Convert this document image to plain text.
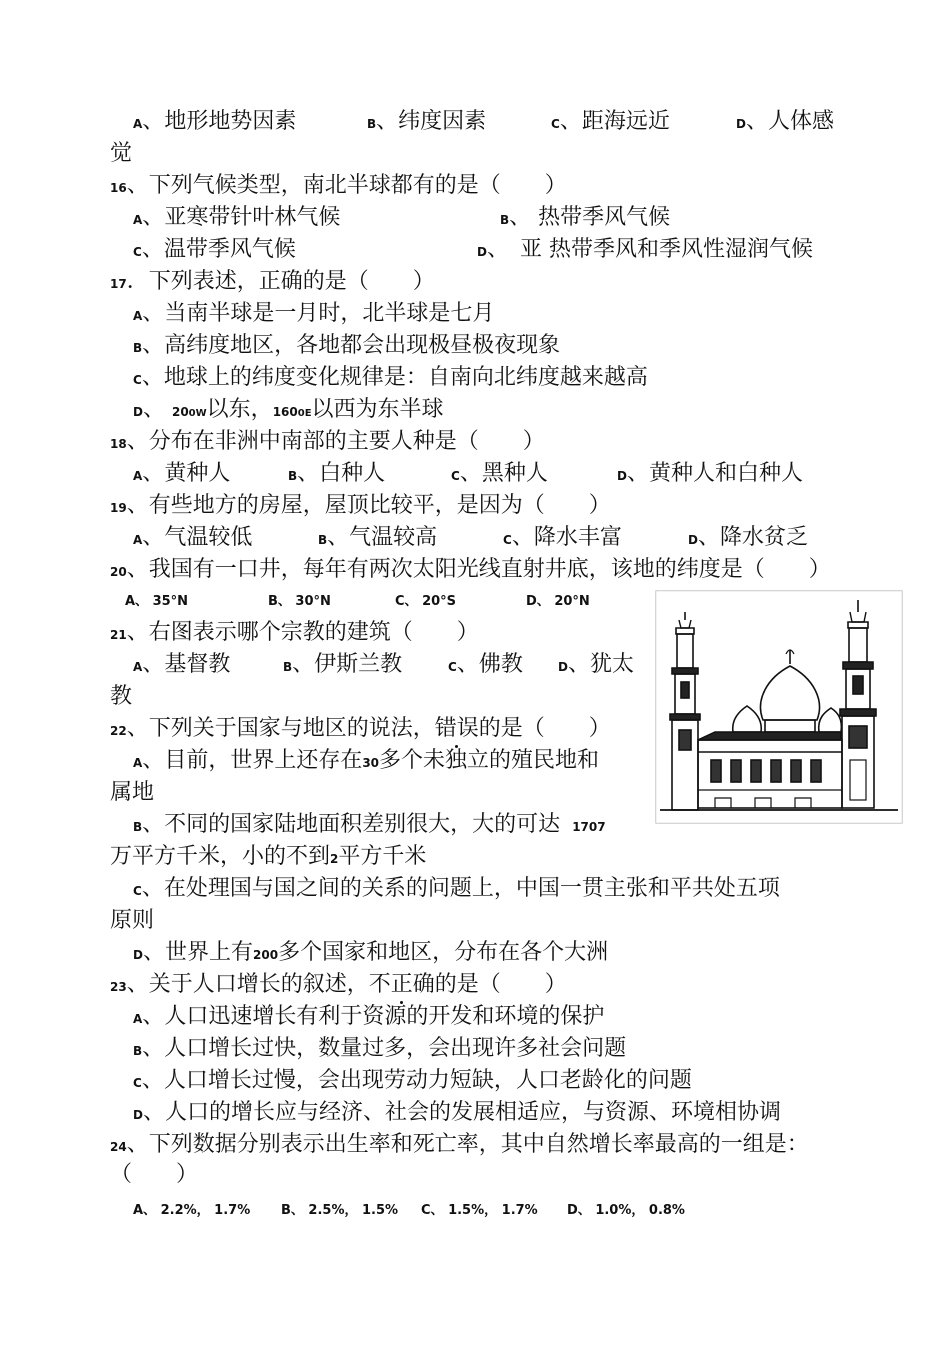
A、地形地势因素	B、纬度因素	C、距海远近	D、人体感
觉
16、下列气候类型，南北半球都有的是（　　）
A、亚寒带针叶林气候	B、 热带季风气候
C、温带季风气候	D、　亚 热带季风和季风性湿润气候
17．下列表述，正确的是（　　）
A、当南半球是一月时，北半球是七月
B、高纬度地区，各地都会出现极昼极夜现象
C、地球上的纬度变化规律是：自南向北纬度越来越高
D、 200W以东，1600E以西为东半球
18、分布在非洲中南部的主要人种是（　　）
A、黄种人	B、白种人	C、黑种人	D、黄种人和白种人
19、有些地方的房屋，屋顶比较平，是因为（　　）
A、气温较低	B、气温较高	C、降水丰富	D、降水贫乏
20、我国有一口井，每年有两次太阳光线直射井底，该地的纬度是（　　）
A、 35°N	B、 30°N	C、 20°S	D、 20°N
21、右图表示哪个宗教的建筑（　　）
A、基督教	B、伊斯兰教	C、佛教	D、犹太
教
22、下列关于国家与地区的说法，错误的是（　　）
A、目前，世界上还存在30多个未独立的殖民地和
属地
B、不同的国家陆地面积差别很大，大的可达 1707
万平方千米，小的不到2平方千米
C、在处理国与国之间的关系的问题上，中国一贯主张和平共处五项
原则
D、世界上有200多个国家和地区，分布在各个大洲
23、关于人口增长的叙述，不正确的是（　　）
A、人口迅速增长有利于资源的开发和环境的保护
B、人口增长过快，数量过多，会出现许多社会问题
C、人口增长过慢，会出现劳动力短缺，人口老龄化的问题
D、人口的增长应与经济、社会的发展相适应，与资源、环境相协调
24、下列数据分别表示出生率和死亡率，其中自然增长率最高的一组是：
（　　）
A、 2.2%， 1.7% B、 2.5%， 1.5% C、 1.5%， 1.7% D、 1.0%， 0.8%
